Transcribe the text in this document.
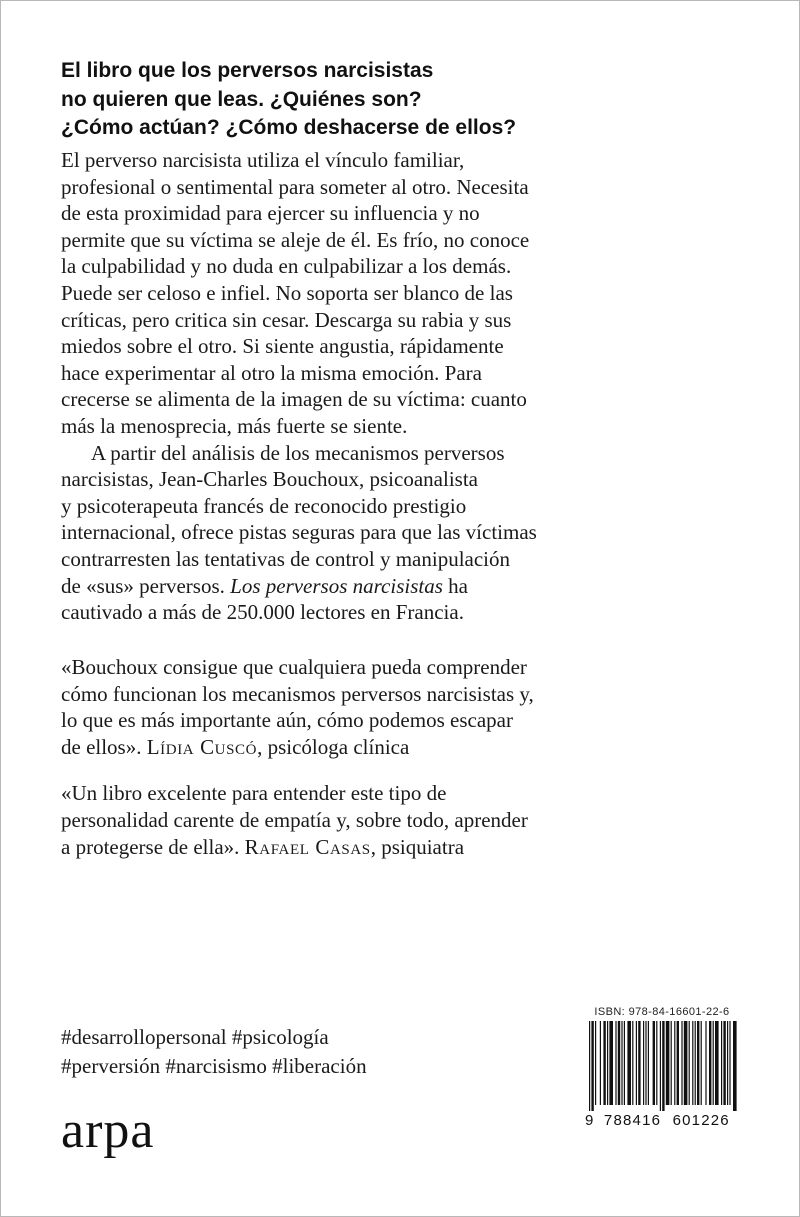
El libro que los perversos narcisistas
no quieren que leas. ¿Quiénes son?
¿Cómo actúan? ¿Cómo deshacerse de ellos?
El perverso narcisista utiliza el vínculo familiar,
profesional o sentimental para someter al otro. Necesita
de esta proximidad para ejercer su influencia y no
permite que su víctima se aleje de él. Es frío, no conoce
la culpabilidad y no duda en culpabilizar a los demás.
Puede ser celoso e infiel. No soporta ser blanco de las
críticas, pero critica sin cesar. Descarga su rabia y sus
miedos sobre el otro. Si siente angustia, rápidamente
hace experimentar al otro la misma emoción. Para
crecerse se alimenta de la imagen de su víctima: cuanto
más la menosprecia, más fuerte se siente.
A partir del análisis de los mecanismos perversos
narcisistas, Jean-Charles Bouchoux, psicoanalista
y psicoterapeuta francés de reconocido prestigio
internacional, ofrece pistas seguras para que las víctimas
contrarresten las tentativas de control y manipulación
de «sus» perversos. Los perversos narcisistas ha
cautivado a más de 250.000 lectores en Francia.
«Bouchoux consigue que cualquiera pueda comprender
cómo funcionan los mecanismos perversos narcisistas y,
lo que es más importante aún, cómo podemos escapar
de ellos». Lídia Cuscó, psicóloga clínica
«Un libro excelente para entender este tipo de
personalidad carente de empatía y, sobre todo, aprender
a protegerse de ella». Rafael Casas, psiquiatra
#desarrollopersonal #psicología
#perversión #narcisismo #liberación
arpa
ISBN: 978-84-16601-22-6
9 788416 601226
